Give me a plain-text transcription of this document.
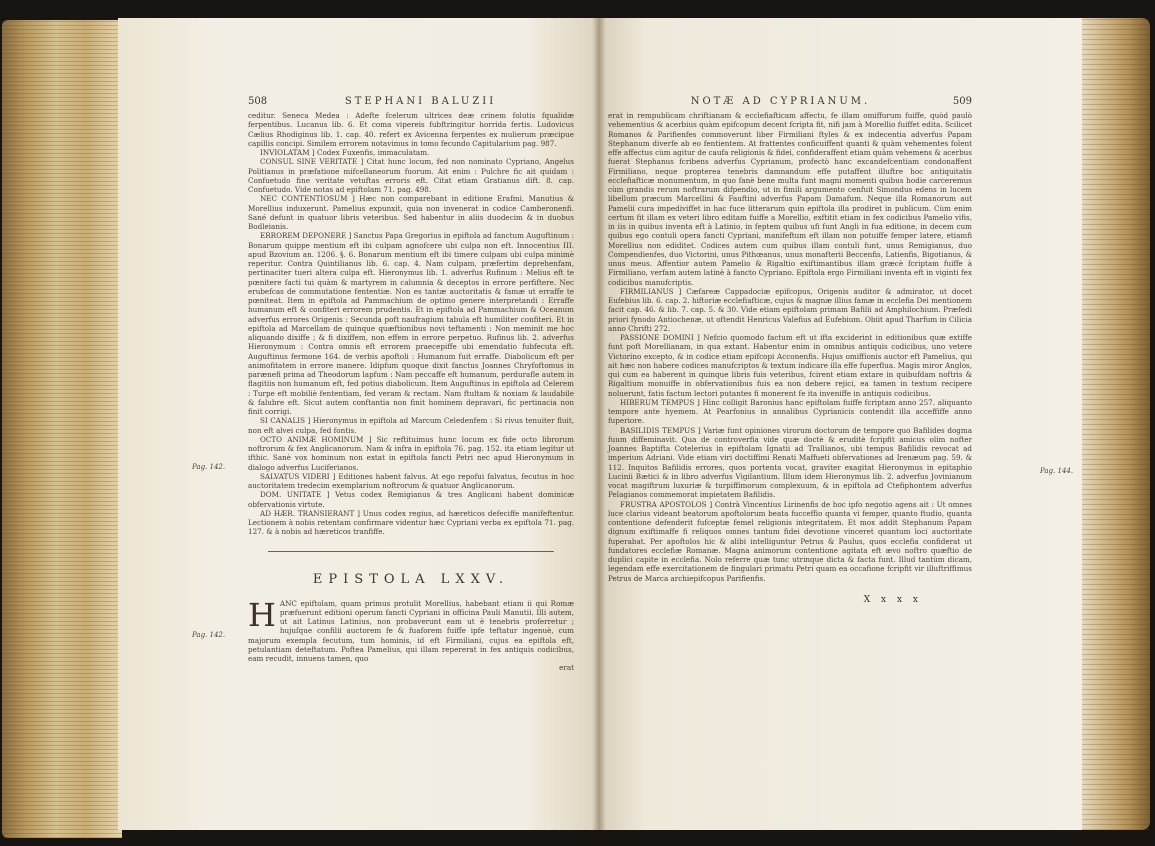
508	STEPHANI BALUZII

ceditur. Seneca Medea : Adefte fcelerum ultrices deæ crinem folutis fqualidæ ferpentibus. Lucanus lib. 6. Et coma vipereis fubftringitur horrida fertis. Ludovicus Cælius Rhodiginus lib. 1. cap. 40. refert ex Avicenna ferpentes ex mulierum præcipue capillis concipi. Similem errorem notavimus in tomo fecundo Capitularium pag. 987.

INVIOLATAM ] Codex Fuxenfis, immaculatam.

CONSUL SINE VERITATE ] Citat hunc locum, fed non nominato Cypriano, Angelus Politianus in præfatione mifcellaneorum fuorum. Ait enim : Pulchre fic ait quidam : Confuetudo fine veritate vetuftas erroris eft. Citat etiam Gratianus dift. 8. cap. Confuetudo. Vide notas ad epiftolam 71. pag. 498.

NEC CONTENTIOSUM ] Hæc non comparebant in editione Erafmi. Manutius & Morellius induxerunt. Pamelius expunxit, quia non invenerat in codice Camberonenfi. Sané defunt in quatuor libris veteribus. Sed habentur in aliis duodecim & in duobus Bodleianis.

ERROREM DEPONERE ] Sanctus Papa Gregorius in epiftola ad fanctum Auguftinum : Bonarum quippe mentium eft ibi culpam agnofcere ubi culpa non eft. Innocentius III. apud Bzovium an. 1206. §. 6. Bonarum mentium eft ibi timere culpam ubi culpa minimè reperitur. Contra Quintilianus lib. 6. cap. 4. Nam culpam, præfertim deprehenfam, pertinaciter tueri altera culpa eft. Hieronymus lib. 1. adverfus Rufinum : Melius eft te pœnitere facti tui quàm & martyrem in calumnia & deceptos in errore perfiftere. Nec erubefcas de commutatione fententiæ. Non es tantæ auctoritatis & famæ ut erraffe te pœniteat. Item in epiftola ad Pammachium de optimo genere interpretandi : Erraffe humanum eft & confiteri errorem prudentis. Et in epiftola ad Pammachium & Oceanum adverfus errores Origenis : Secunda poft naufragium tabula eft humiliter confiteri. Et in epiftola ad Marcellam de quinque quæftionibus novi teftamenti : Non meminit me hoc aliquando dixiffe ; & fi dixiffem, non effem in errore perpetuo. Rufinus lib. 2. adverfus Hieronymum : Contra omnis eft errorem praecepiffe ubi emendatio fubfecuta eft. Auguftinus fermone 164. de verbis apoftoli : Humanum fuit erraffe. Diabolicum eft per animofitatem in errore manere. Idipfum quoque dixit fanctus Joannes Chryfoftomus in parænefi prima ad Theodorum lapfum : Nam peccaffe eft humanum, perdurafle autem in flagitiis non humanum eft, fed potius diabolicum. Item Auguftinus in epiftola ad Celerem : Turpe eft mobiliè fententiam, fed veram & rectam. Nam ftultam & noxiam & laudabile & falubre eft. Sicut autem conftantia non finit hominem depravari, fic pertinacia non finit corrigi.

SI CANALIS ] Hieronymus in epiftola ad Marcum Celedenfem : Si rivus tenuiter fluit, non eft alvei culpa, fed fontis.

OCTO ANIMÆ HOMINUM ] Sic reftituimus hunc locum ex fide octo librorum noftrorum & fex Anglicanorum. Nam & infra in epiftola 76. pag. 152. ita etiam legitur ut ifthic. Sanè vox hominum non extat in epiftola fancti Petri nec apud Hieronymum in dialogo adverfus Luciferianos.

SALVATUS VIDERI ] Editiones habent falvus. At ego repofui falvatus, fecutus in hoc auctoritatem tredecim exemplarium noftrorum & quatuor Anglicanorum.

DOM. UNITATE ] Vetus codex Remigianus & tres Anglicani habent dominicæ obfervationis virtute.

AD HÆR. TRANSIERANT ] Unus codex regius, ad hæreticos defeciffe manifeftentur. Lectionem à nobis retentam confirmare videntur hæc Cypriani verba ex epiftola 71. pag. 127. & à nobis ad hæreticos tranfiffe.

EPISTOLA LXXV.
H ANC epiftolam, quam primus protulit Morellius, habebant etiam ii qui Romæ præfuerunt editioni operum fancti Cypriani in officina Pauli Manutii. Illi autem, ut ait Latinus Latinius, non probaverunt eam ut è tenebris proferretur ; hujuſque confilii auctorem fe & fuaforem fuiffe ipfe teftatur ingenuè, cum majorum exempla fecutum, tum hominis, id eft Firmiliani, cujus ea epiftola eft, petulantiam deteftatum. Poftea Pamelius, qui illam repererat in fex antiquis codicibus, eam recudit, innuens tamen, quo
erat
Pag. 142.
Pag. 142.
NOTÆ AD CYPRIANUM.	509

erat in rempublicam chriftianam & ecclefiafticam affectu, fe illam omiffurum fuiffe, quòd paulò vehementius & acerbius quàm epifcopum decent fcripta fit, nifi jam à Morellio fuiffet edita. Scilicet Romanos & Parifienfes commoverunt liber Firmiliani ftyles & ex indecentia adverfus Papam Stephanum diverfe ab eo fentientem. At frattentes conficuiffent quanti & quàm vehementes folent effe affectus cùm agitur de caufa religionis & fidei, confideraffent etiam quàm vehemens & acerbus fuerat Stephanus fcribens adverfus Cyprianum, profectò hanc excandefcentiam condonaffent Firmiliano, neque propterea tenebris damnandum effe putaffent illuftre hoc antiquitatis ecclefiafticæ monumentum, in quo fanè bene multa funt magni momenti quibus hodie carceremus cùm grandis rerum noftrarum difpendio, ut in fimili argumento cenfuit Simondus edens in lucem libellum præcum Marcellini & Fauftini adverfus Papam Damafum. Neque illa Romanorum aut Pamelii cura impediviffet in hac fuce litterarum quin epiftola illa prodiret in publicum. Cùm enim certum fit illam ex veteri libro editam fuiffe a Morellio, exftitit etiam in fex codicibus Pamelio vifis, in iis in quibus inventa eft à Latinio, in feptem quibus ufi funt Angli in fua editione, in decem cum quibus ego contuli opera fancti Cypriani, manifeftum eft illam non potuiffe femper latere, etiamfi Morellius non ediditet. Codices autem cum quibus illam contuli funt, unus Remigianus, duo Compendienfes, duo Victorini, unus Pithœanus, unus monafterii Beccenfis, Latienfis, Bigotianus, & unus meus. Affentior autem Pamelio & Rigaltio exiftimantibus illam græcè fcriptam fuiffe à Firmiliano, verfam autem latinè à fancto Cypriano. Epiftola ergo Firmiliani inventa eft in viginti fex codicibus manufcriptis.

FIRMILIANUS ] Cæfareæ Cappadociæ epifcopus, Origenis auditor & admirator, ut docet Eufebius lib. 6. cap. 2. hiftoriæ ecclefiafticæ, cujus & magnæ illius famæ in ecclefia Dei mentionem facit cap. 46. & lib. 7. cap. 5. & 30. Vide etiam epiftolam primam Bafilii ad Amphilochium. Præfedi priori fynodo Antiochenæ, ut oftendit Henricus Valefius ad Eufebium. Obiit apud Tharfum in Cilicia anno Chrifti 272.

PASSIONE DOMINI ] Nefcio quomodo factum eft ut ifta exciderint in editionibus quæ extiffe funt poft Morellianam, in qua extant. Habentur enim in omnibus antiquis codicibus, uno vetere Victorino excepto, & in codice etiam epifcopi Acconenfis. Hujus omiffionis auctor eft Pamelius, qui ait hæc non habere codices manufcriptos & textum indicare illa effe fuperflua. Magis miror Anglos, qui cum ea haberent in quinque libris fuis veteribus, fcirent etiam extare in quibufdam noftris & Rigaltium monuiffe in obfervationibus fuis ea non debere rejici, ea tamen in textum recipere noluerunt, fatis factum lectori putantes fi monerent fe ita inveniffe in antiquis codicibus.

HIBERUM TEMPUS ] Hinc colligit Baronius hanc epiftolam fuiffe fcriptam anno 257. aliquanto tempore ante hyemem. At Pearfonius in annalibus Cyprianicis contendit illa acceffiffe anno fuperiore.

BASILIDIS TEMPUS ] Variæ funt opiniones virorum doctorum de tempore quo Bafilides dogma fuum diffeminavit. Qua de controverfia vide quæ doctè & eruditè fcripfit amicus olim nofter Joannes Baptifta Cotelerius in epiftolam Ignatii ad Trallianos, ubi tempus Bafilidis revocat ad imperium Adriani. Vide etiam viri doctiffimi Renati Maffueti obfervationes ad Irenæum pag. 59. & 112. Inquitos Bafilidis errores, quos portenta vocat, graviter exagitat Hieronymus in epitaphio Lucinii Bætici & in libro adverfus Vigilantium. Illum idem Hieronymus lib. 2. adverfus Jovinianum vocat magiftrum luxuriæ & turpiffimorum complexuum, & in epiftola ad Ctefiphontem adverfus Pelagianos commemorat impietatem Bafilidis.

FRUSTRA APOSTOLOS ] Contrà Vincentius Lirinenfis de hoc ipfo negotio agens ait : Ut omnes luce clarius videant beatorum apoftolorum beata fucceffio quanta vi femper, quanto ftudio, quanta contentione defenderit fufceptæ femel religionis integritatem. Et mox addit Stephanum Papam dignum exiftimaffe fi reliquos omnes tantum fidei devotione vinceret quantum loci auctoritate fuperabat. Per apoftolos hic & alibi intelliguntur Petrus & Paulus, quos ecclefia confiderat ut fundatores ecclefiæ Romanæ. Magna animorum contentione agitata eft ævo noftro quæftio de duplici capite in ecclefia. Nolo referre quæ tunc utrinque dicta & facta funt. Illud tantùm dicam, legendam effe exercitationem de fingulari primatu Petri quam ea occafione fcripfit vir illuftriffimus Petrus de Marca archiepifcopus Parifienfis.

X x x x
Pag. 144.
